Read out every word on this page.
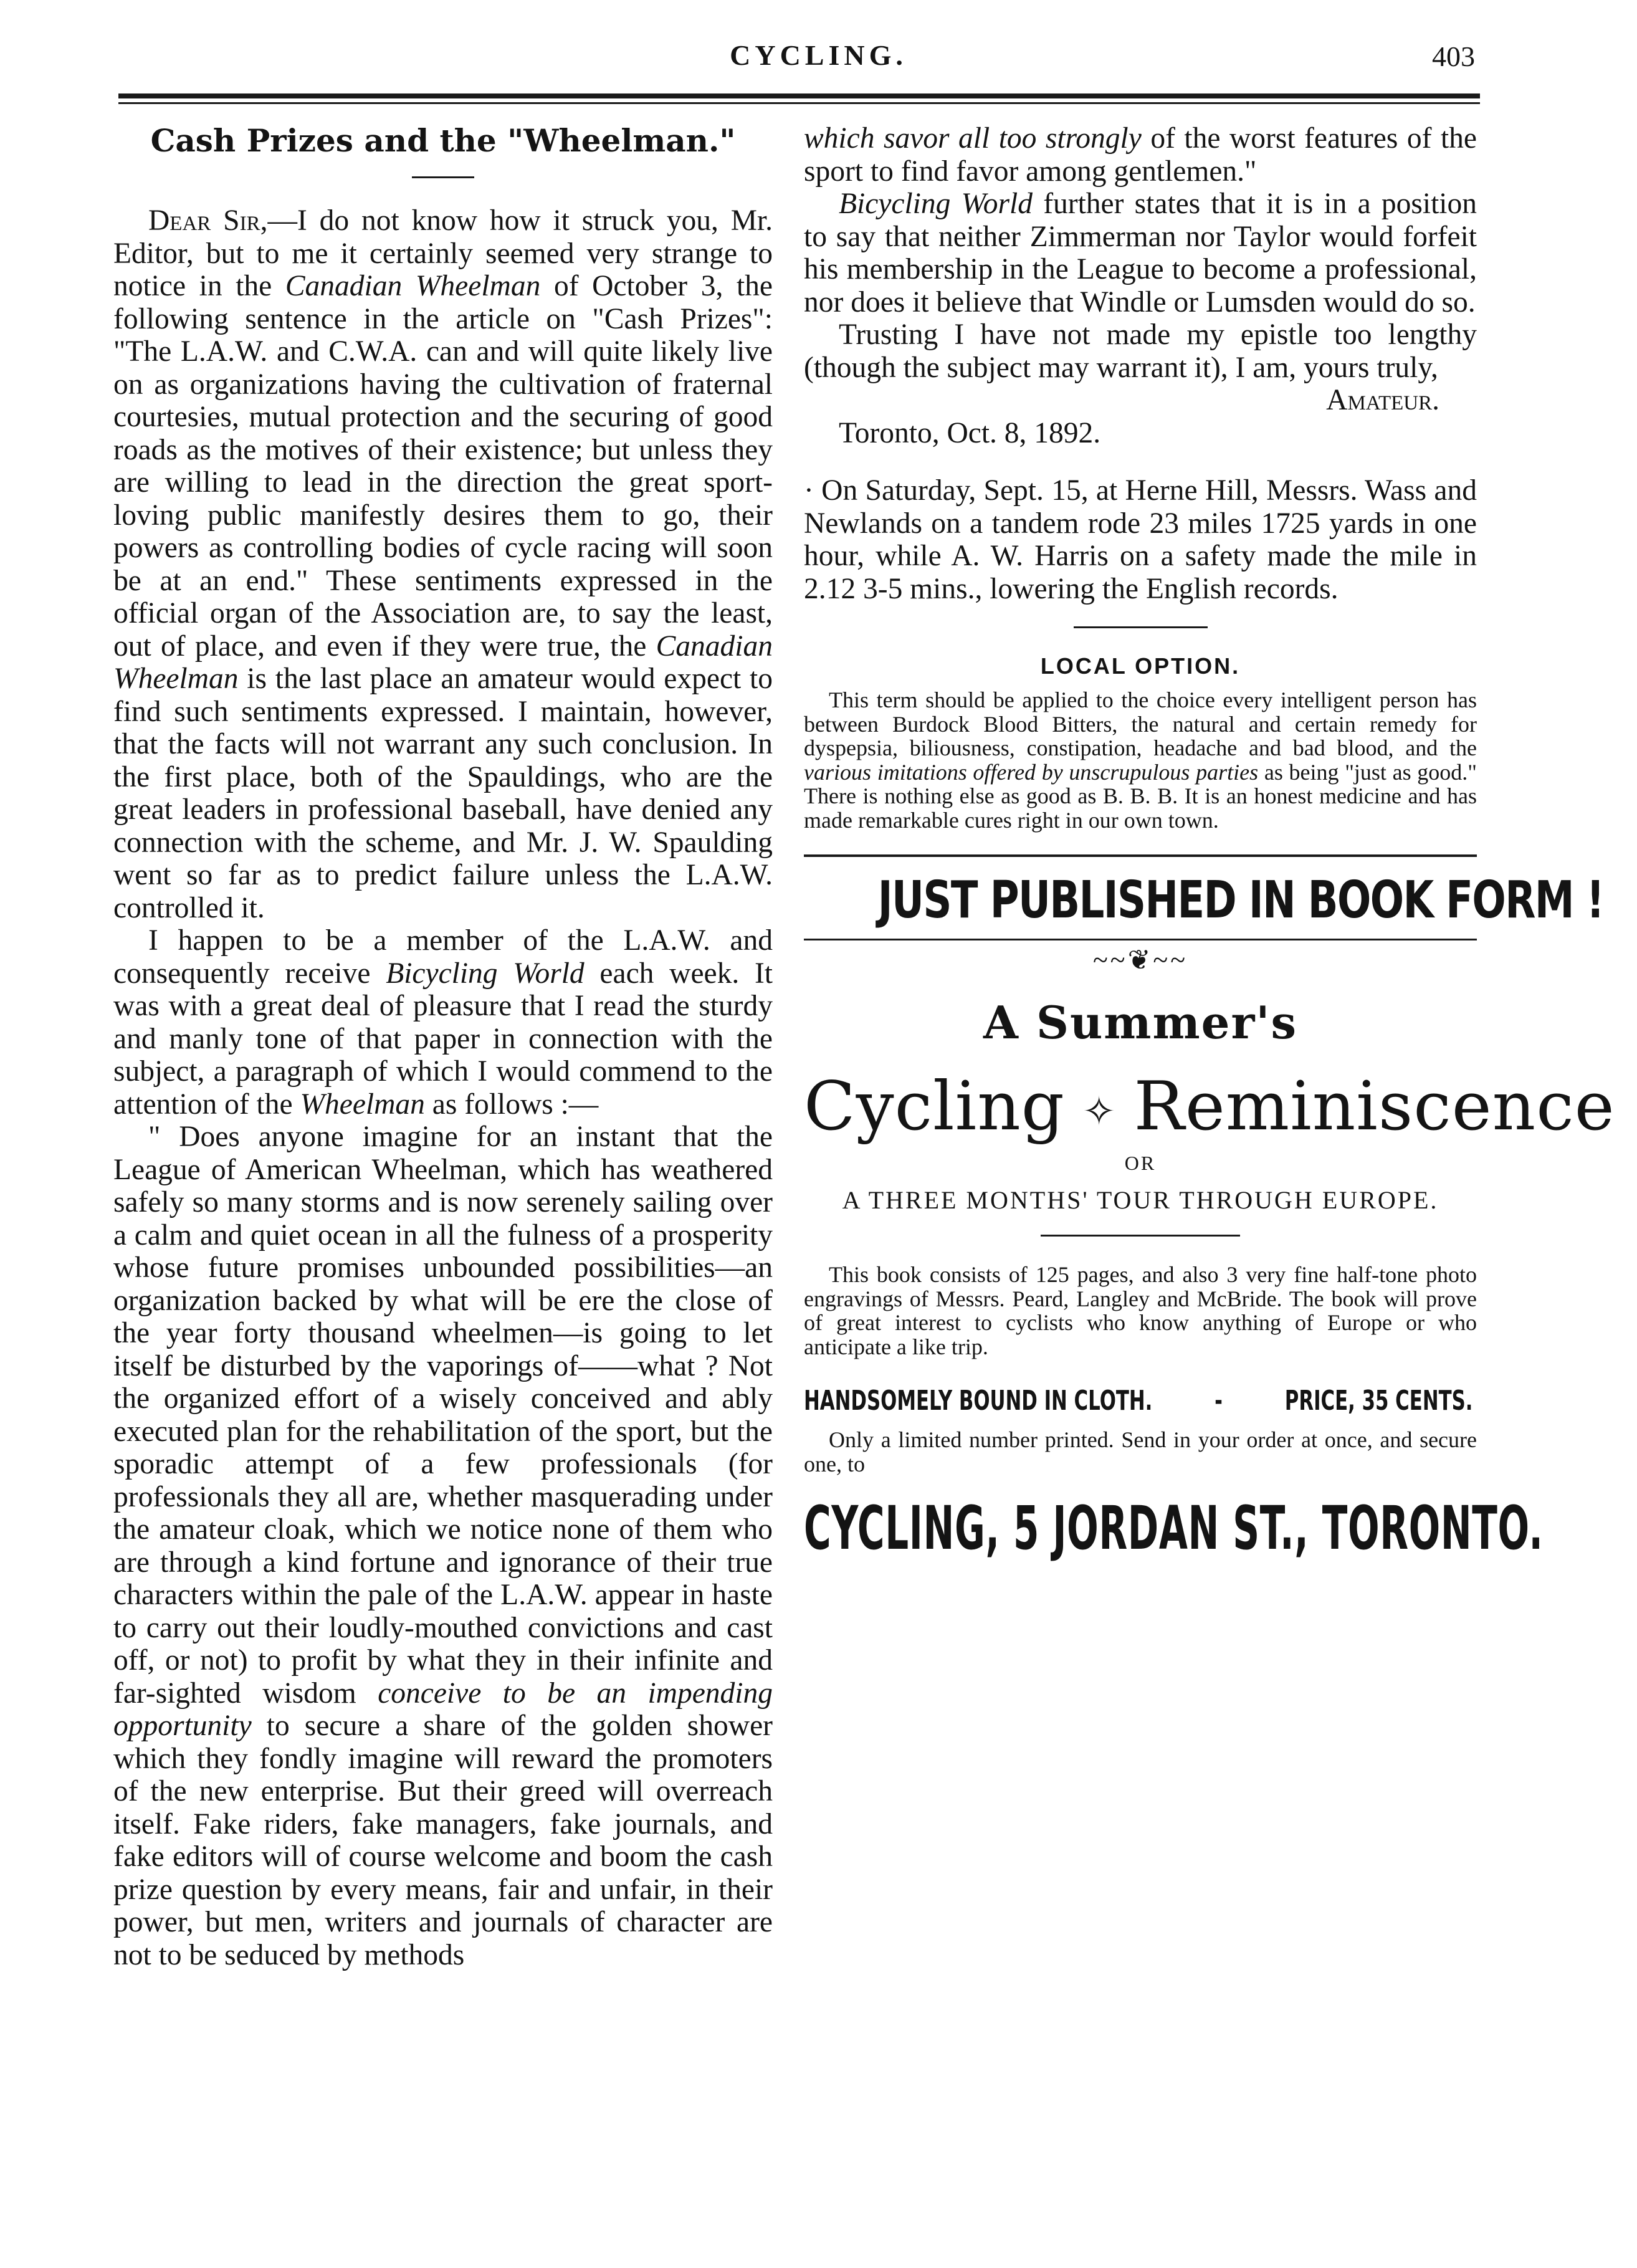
CYCLING.	403
Cash Prizes and the "Wheelman."

Dear Sir,—I do not know how it struck you, Mr. Editor, but to me it certainly seemed very strange to notice in the Canadian Wheelman of October 3, the following sentence in the article on "Cash Prizes": "The L.A.W. and C.W.A. can and will quite likely live on as organizations having the cultivation of fraternal courtesies, mutual protection and the securing of good roads as the motives of their existence; but unless they are willing to lead in the direction the great sport-loving public manifestly desires them to go, their powers as controlling bodies of cycle racing will soon be at an end." These sentiments expressed in the official organ of the Association are, to say the least, out of place, and even if they were true, the Canadian Wheelman is the last place an amateur would expect to find such sentiments expressed. I maintain, however, that the facts will not warrant any such conclusion. In the first place, both of the Spauldings, who are the great leaders in professional baseball, have denied any connection with the scheme, and Mr. J. W. Spaulding went so far as to predict failure unless the L.A.W. controlled it.

I happen to be a member of the L.A.W. and consequently receive Bicycling World each week. It was with a great deal of pleasure that I read the sturdy and manly tone of that paper in connection with the subject, a paragraph of which I would commend to the attention of the Wheelman as follows :—

" Does anyone imagine for an instant that the League of American Wheelman, which has weathered safely so many storms and is now serenely sailing over a calm and quiet ocean in all the fulness of a prosperity whose future promises unbounded possibilities—an organization backed by what will be ere the close of the year forty thousand wheelmen—is going to let itself be disturbed by the vaporings of——what ? Not the organized effort of a wisely conceived and ably executed plan for the rehabilitation of the sport, but the sporadic attempt of a few professionals (for professionals they all are, whether masquerading under the amateur cloak, which we notice none of them who are through a kind fortune and ignorance of their true characters within the pale of the L.A.W. appear in haste to carry out their loudly-mouthed convictions and cast off, or not) to profit by what they in their infinite and far-sighted wisdom conceive to be an impending opportunity to secure a share of the golden shower which they fondly imagine will reward the promoters of the new enterprise. But their greed will overreach itself. Fake riders, fake managers, fake journals, and fake editors will of course welcome and boom the cash prize question by every means, fair and unfair, in their power, but men, writers and journals of character are not to be seduced by methods

which savor all too strongly of the worst features of the sport to find favor among gentlemen."

Bicycling World further states that it is in a position to say that neither Zimmerman nor Taylor would forfeit his membership in the League to become a professional, nor does it believe that Windle or Lumsden would do so.

Trusting I have not made my epistle too lengthy (though the subject may warrant it), I am, yours truly,

Amateur.

Toronto, Oct. 8, 1892.

· On Saturday, Sept. 15, at Herne Hill, Messrs. Wass and Newlands on a tandem rode 23 miles 1725 yards in one hour, while A. W. Harris on a safety made the mile in 2.12 3-5 mins., lowering the English records.

LOCAL OPTION.

This term should be applied to the choice every intelligent person has between Burdock Blood Bitters, the natural and certain remedy for dyspepsia, biliousness, constipation, headache and bad blood, and the various imitations offered by unscrupulous parties as being "just as good." There is nothing else as good as B. B. B. It is an honest medicine and has made remarkable cures right in our own town.

JUST PUBLISHED IN BOOK FORM !
~~❦~~
A Summer's
Cycling ✧ Reminiscence
OR
A THREE MONTHS' TOUR THROUGH EUROPE.

This book consists of 125 pages, and also 3 very fine half-tone photo engravings of Messrs. Peard, Langley and McBride. The book will prove of great interest to cyclists who know anything of Europe or who anticipate a like trip.

HANDSOMELY BOUND IN CLOTH. - PRICE, 35 CENTS.

Only a limited number printed. Send in your order at once, and secure one, to

CYCLING, 5 JORDAN ST., TORONTO.
